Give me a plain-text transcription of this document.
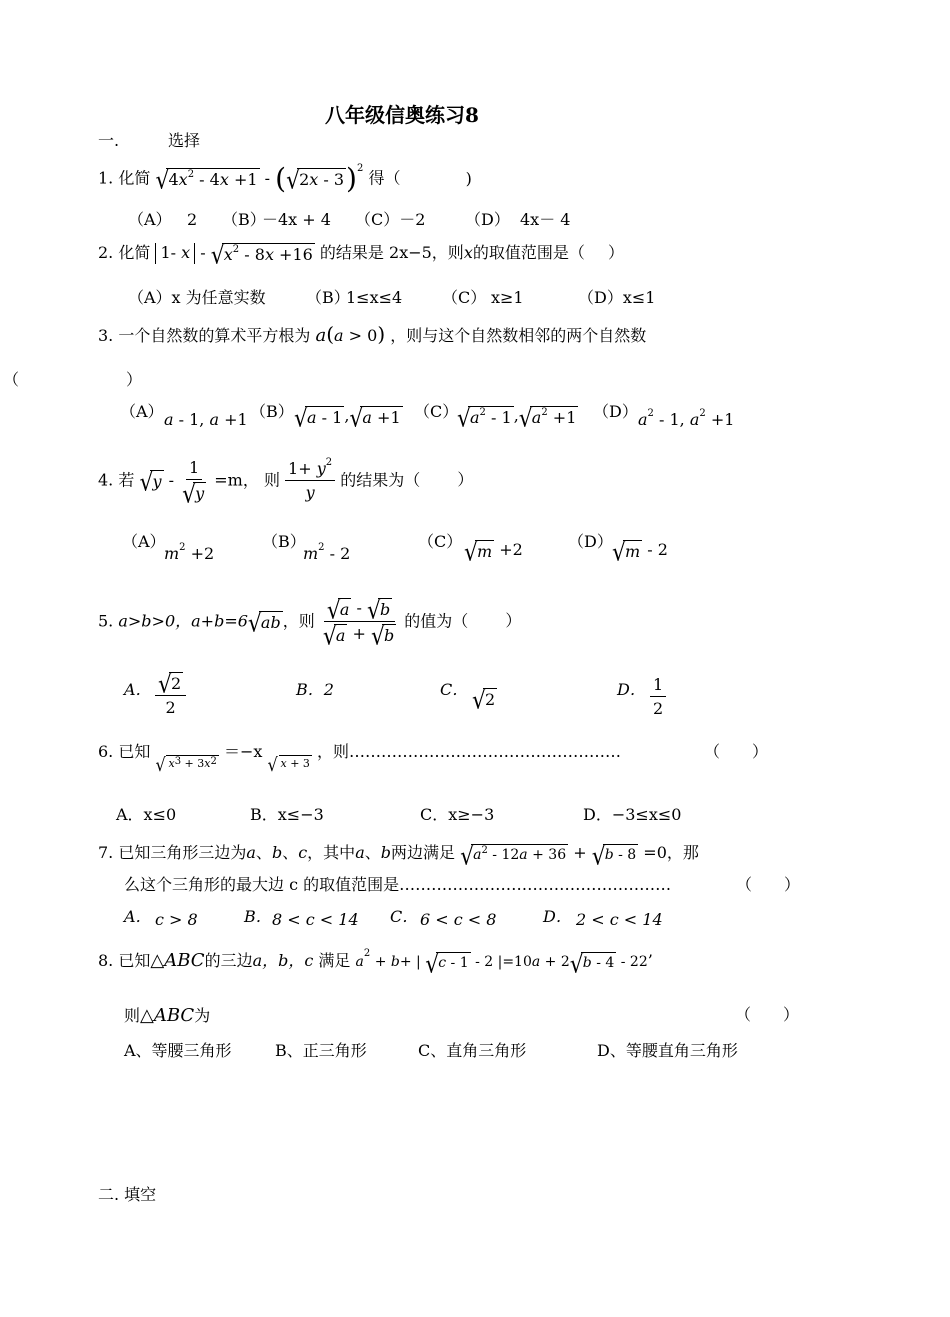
八年级信奥练习8
一.	选择
1. 化简 √
$4x^2 - 4x +1$ - ( √
2x - 3)$^2$ 得（	)
（A） 2 （B）
－4x + 4 （C）－2 （D） 4x－ 4
2. 化简 1- x - √
$x^2 - 8x +16$ 的结果是 2x−5，则x的取值范围是（ ）
（A）x 为任意实数	（B）
1≤x≤4 （C） x≥1	（D）x≤1
3. 一个自然数的算术平方根为 a(a > 0) ，则与这个自然数相邻的两个自然数
（	）
（A） a - 1, a +1 （B） √
a - 1 , √
a +1 （C）
√
$a^2 - 1$ , √
$a^2 +1$ （D） $a^2 - 1$, $a^2 +1$
4. 若 √
y - 1
√
y =m， 则 $\frac{1+ y^2}{y}$ 的结果为（ ）
（A）
$m^2 +2$
（B）
$m^2 - 2$
（C） √
m +2	（D） √
m - 2
5. a>b>0，a+b=6 √
ab ，则 √
a - √
b
√
a + √
b 的值为（ ）
A． √
2
2	B．2	C． √
2
D． $\frac{1}{2}$
6. 已知
√ $x^3 + 3x^2 =-x$
√ x + 3 ，则……………………………………………	（　　）
A．x≤0	B．x≤−3	C．x≥−3	D．−3≤x≤0
7. 已知三角形三边为a、b、c，其中a、b两边满足 √
$a^2 - 12a + 36$ + √
b - 8 =0，那
么这个三角形的最大边 c 的取值范围是……………………………………………	（　　）
A． c > 8	B． 8 < c < 14 C． 6 < c < 8	D． 2 < c < 14
8. 已知△ABC的三边a，b，c 满足 $a^2 + b+$ | √
c - 1 - 2 |=10a + 2 √
b - 4 - 22’
则△ABC为	（　　）
A、等腰三角形	B、正三角形	C、直角三角形	D、等腰直角三角形
二. 填空
